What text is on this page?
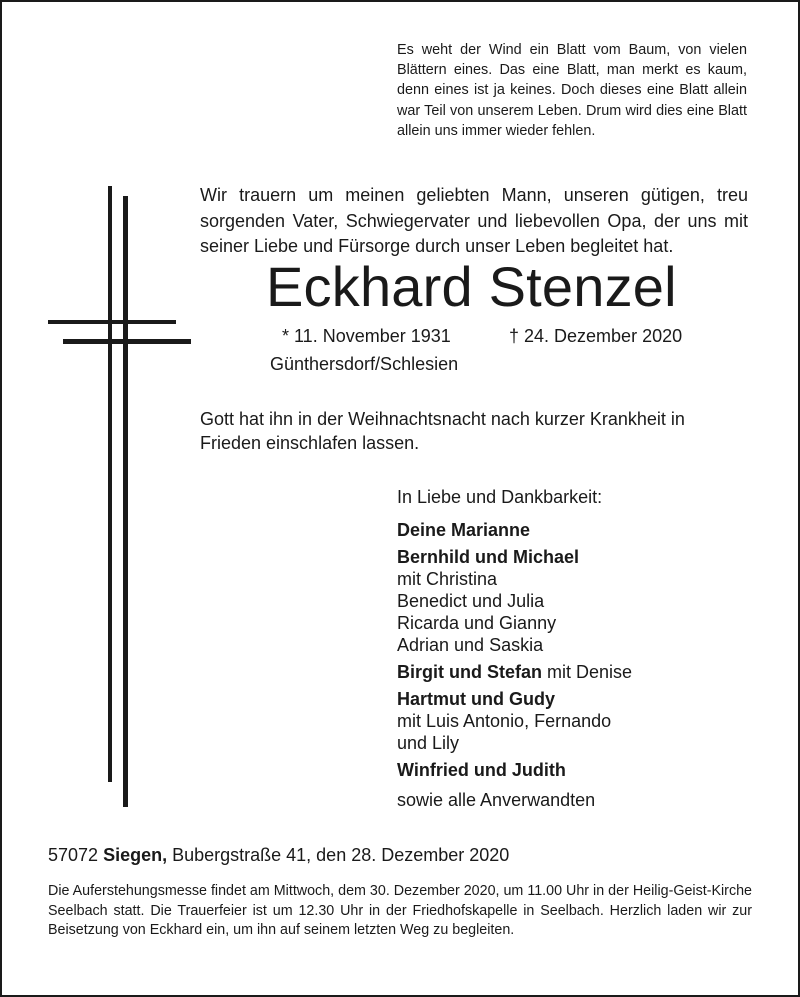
Es weht der Wind ein Blatt vom Baum, von vielen Blättern eines. Das eine Blatt, man merkt es kaum, denn eines ist ja keines. Doch dieses eine Blatt allein war Teil von unserem Leben. Drum wird dies eine Blatt allein uns immer wieder fehlen.
Wir trauern um meinen geliebten Mann, unseren gütigen, treu sorgenden Vater, Schwiegervater und liebevollen Opa, der uns mit seiner Liebe und Fürsorge durch unser Leben begleitet hat.
Eckhard Stenzel
* 11. November 1931	† 24. Dezember 2020
Günthersdorf/Schlesien
Gott hat ihn in der Weihnachtsnacht nach kurzer Krankheit in Frieden einschlafen lassen.
In Liebe und Dankbarkeit:
Deine Marianne
Bernhild und Michael
mit Christina
Benedict und Julia
Ricarda und Gianny
Adrian und Saskia
Birgit und Stefan mit Denise
Hartmut und Gudy
mit Luis Antonio, Fernando
und Lily
Winfried und Judith
sowie alle Anverwandten
57072 Siegen, Bubergstraße 41, den 28. Dezember 2020
Die Auferstehungsmesse findet am Mittwoch, dem 30. Dezember 2020, um 11.00 Uhr in der Heilig-Geist-Kirche Seelbach statt. Die Trauerfeier ist um 12.30 Uhr in der Friedhofskapelle in Seelbach. Herzlich laden wir zur Beisetzung von Eckhard ein, um ihn auf seinem letzten Weg zu begleiten.
